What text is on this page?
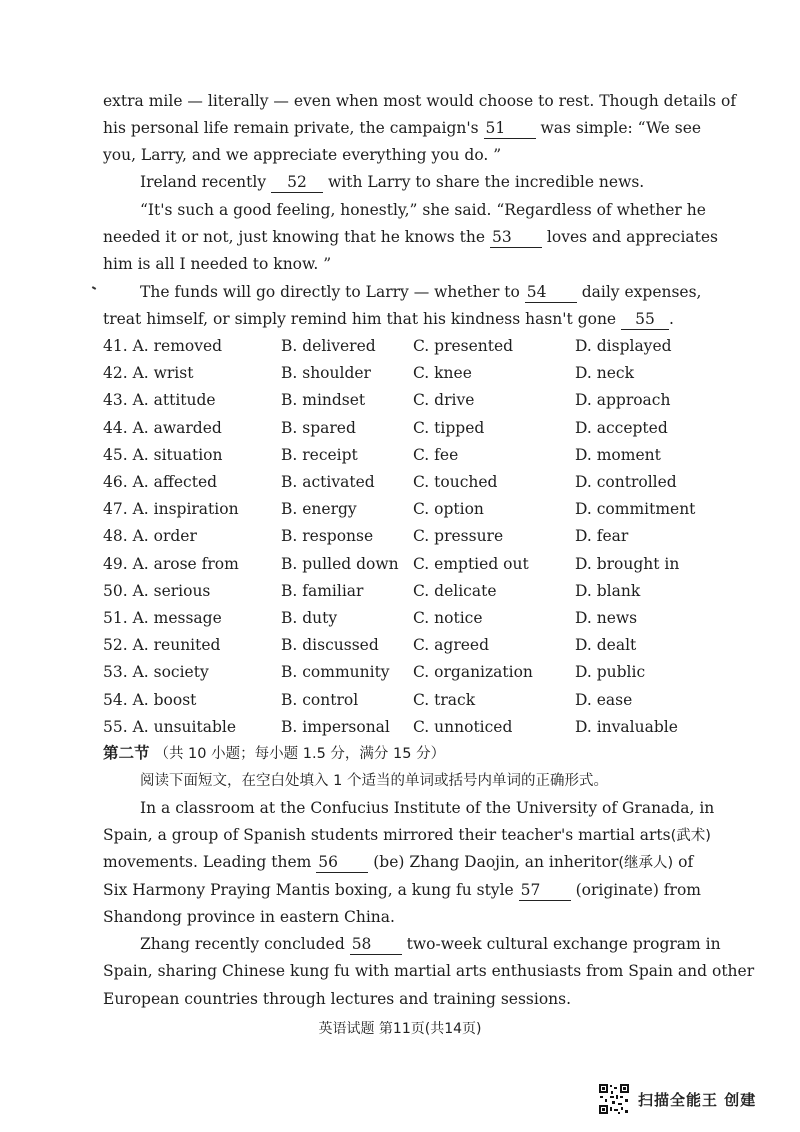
extra mile — literally — even when most would choose to rest. Though details of
his personal life remain private, the campaign's 51 was simple: “We see
you, Larry, and we appreciate everything you do. ”
Ireland recently 52 with Larry to share the incredible news.
“It's such a good feeling, honestly,” she said. “Regardless of whether he
needed it or not, just knowing that he knows the 53 loves and appreciates
him is all I needed to know. ”
The funds will go directly to Larry — whether to 54 daily expenses,
treat himself, or simply remind him that his kindness hasn't gone 55 .
41. A. removed	B. delivered C. presented	D. displayed
42. A. wrist	B. shoulder	C. knee	D. neck
43. A. attitude	B. mindset	C. drive	D. approach
44. A. awarded	B. spared	C. tipped	D. accepted
45. A. situation	B. receipt	C. fee	D. moment
46. A. affected	B. activated C. touched	D. controlled
47. A. inspiration	B. energy	C. option	D. commitment
48. A. order	B. response	C. pressure	D. fear
49. A. arose from	B. pulled down C. emptied out	D. brought in
50. A. serious	B. familiar	C. delicate	D. blank
51. A. message	B. duty	C. notice	D. news
52. A. reunited	B. discussed C. agreed	D. dealt
53. A. society	B. community C. organization	D. public
54. A. boost	B. control	C. track	D. ease
55. A. unsuitable	B. impersonal C. unnoticed	D. invaluable
第二节 （共 10 小题；每小题 1.5 分，满分 15 分）
阅读下面短文，在空白处填入 1 个适当的单词或括号内单词的正确形式。
In a classroom at the Confucius Institute of the University of Granada, in
Spain, a group of Spanish students mirrored their teacher's martial arts(武术)
movements. Leading them 56 (be) Zhang Daojin, an inheritor(继承人) of
Six Harmony Praying Mantis boxing, a kung fu style 57 (originate) from
Shandong province in eastern China.
Zhang recently concluded 58 two-week cultural exchange program in
Spain, sharing Chinese kung fu with martial arts enthusiasts from Spain and other
European countries through lectures and training sessions.
英语试题 第11页(共14页)
扫描全能王 创建
